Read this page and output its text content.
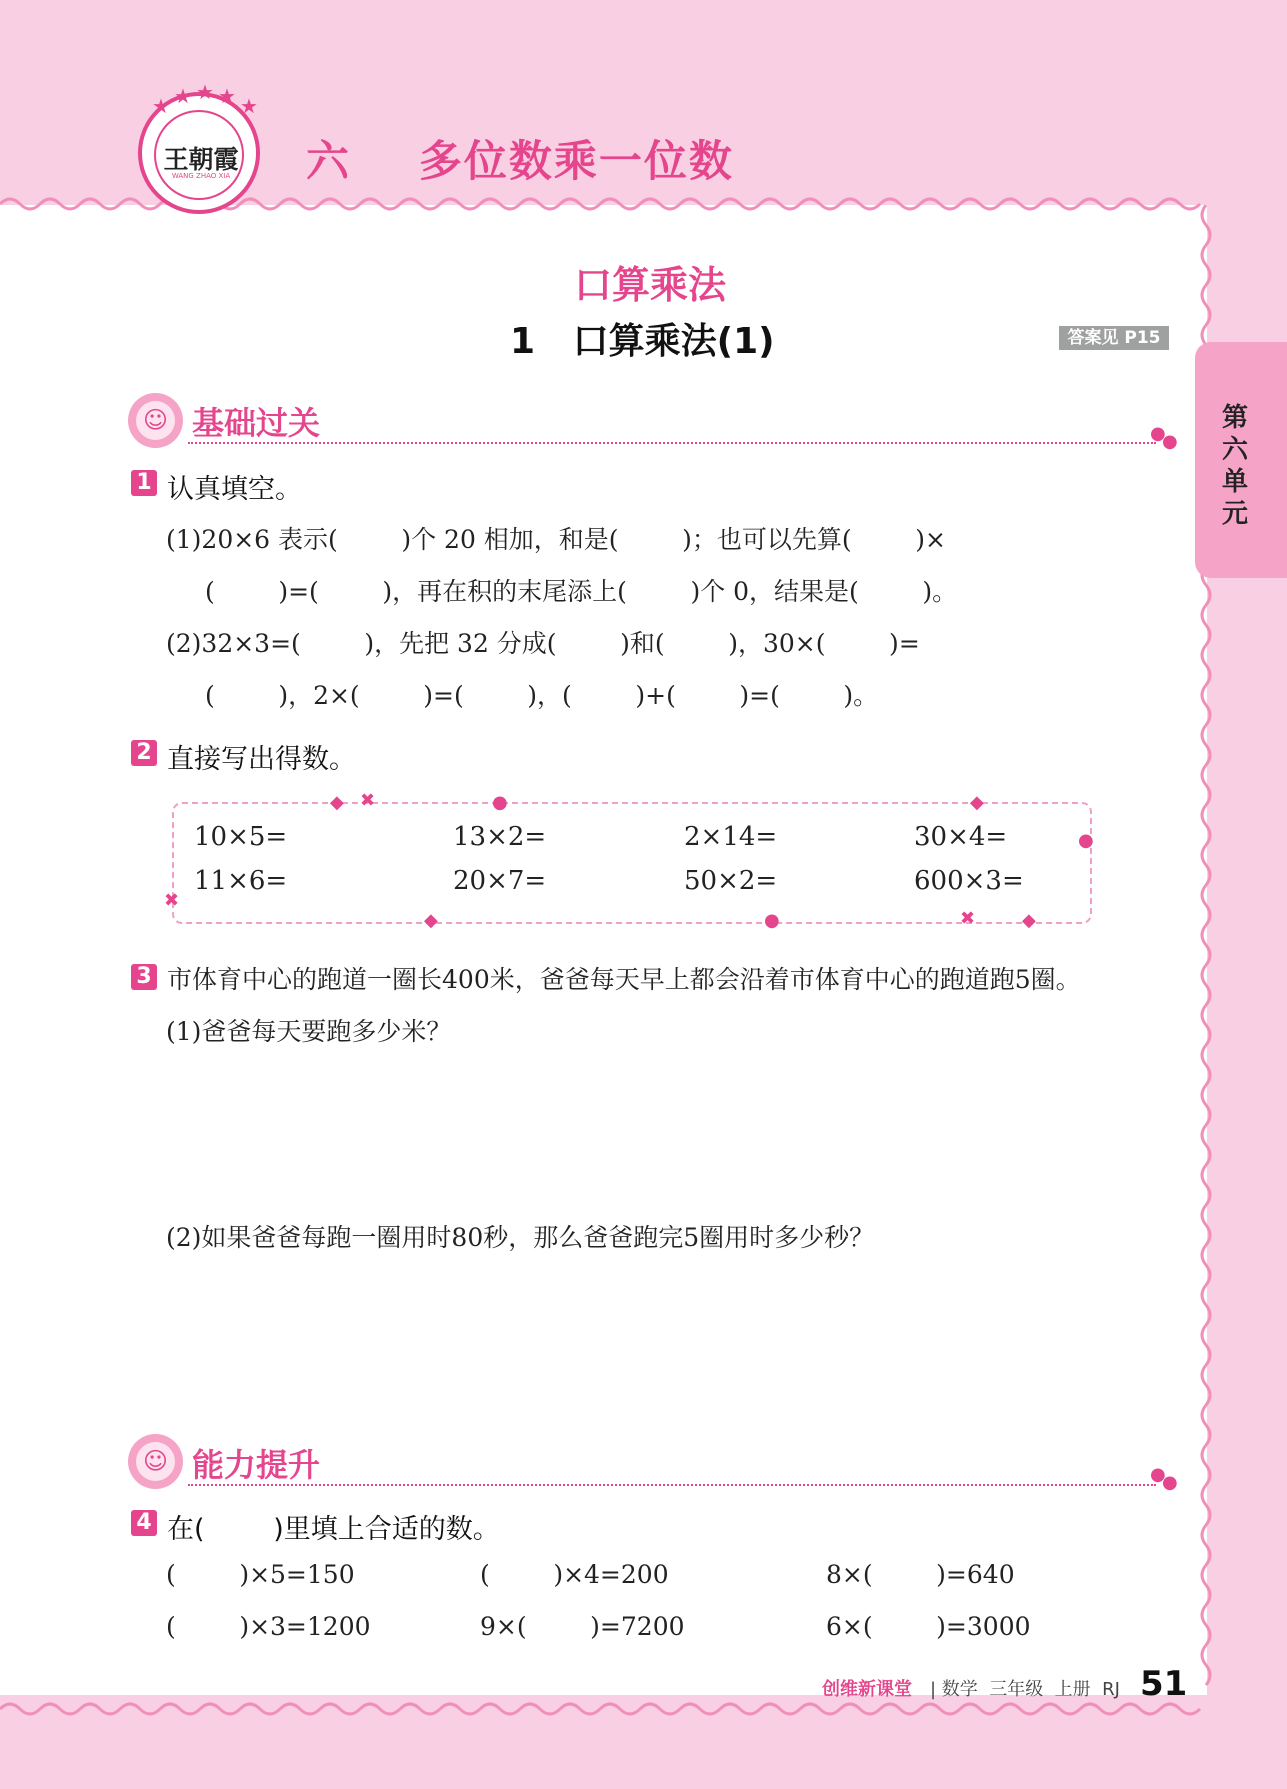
王朝霞
WANG ZHAO XIA
★ ★ ★ ★ ★
六    多位数乘一位数
口算乘法
1   口算乘法(1)	答案见 P15
第六单元
☺ 基础过关	●
●
1 认真填空。
(1)20×6 表示(        )个 20 相加，和是(        )；也可以先算(        )×
(        )=(        )，再在积的末尾添上(        )个 0，结果是(        )。
(2)32×3=(        )，先把 32 分成(        )和(        )，30×(        )=
(        )，2×(        )=(        )，(        )+(        )=(        )。
2 直接写出得数。
◆ ✖	●	◆
●
✖
◆	●	✖	◆
10×5=	13×2=	2×14=	30×4=
11×6=	20×7=	50×2=	600×3=
3 市体育中心的跑道一圈长400米，爸爸每天早上都会沿着市体育中心的跑道跑5圈。
(1)爸爸每天要跑多少米？
(2)如果爸爸每跑一圈用时80秒，那么爸爸跑完5圈用时多少秒？
☺ 能力提升	●
●
4 在(        )里填上合适的数。
(        )×5=150	(        )×4=200	8×(        )=640
(        )×3=1200	9×(        )=7200	6×(        )=3000
创维新课堂 | 数学  三年级  上册  RJ 51
